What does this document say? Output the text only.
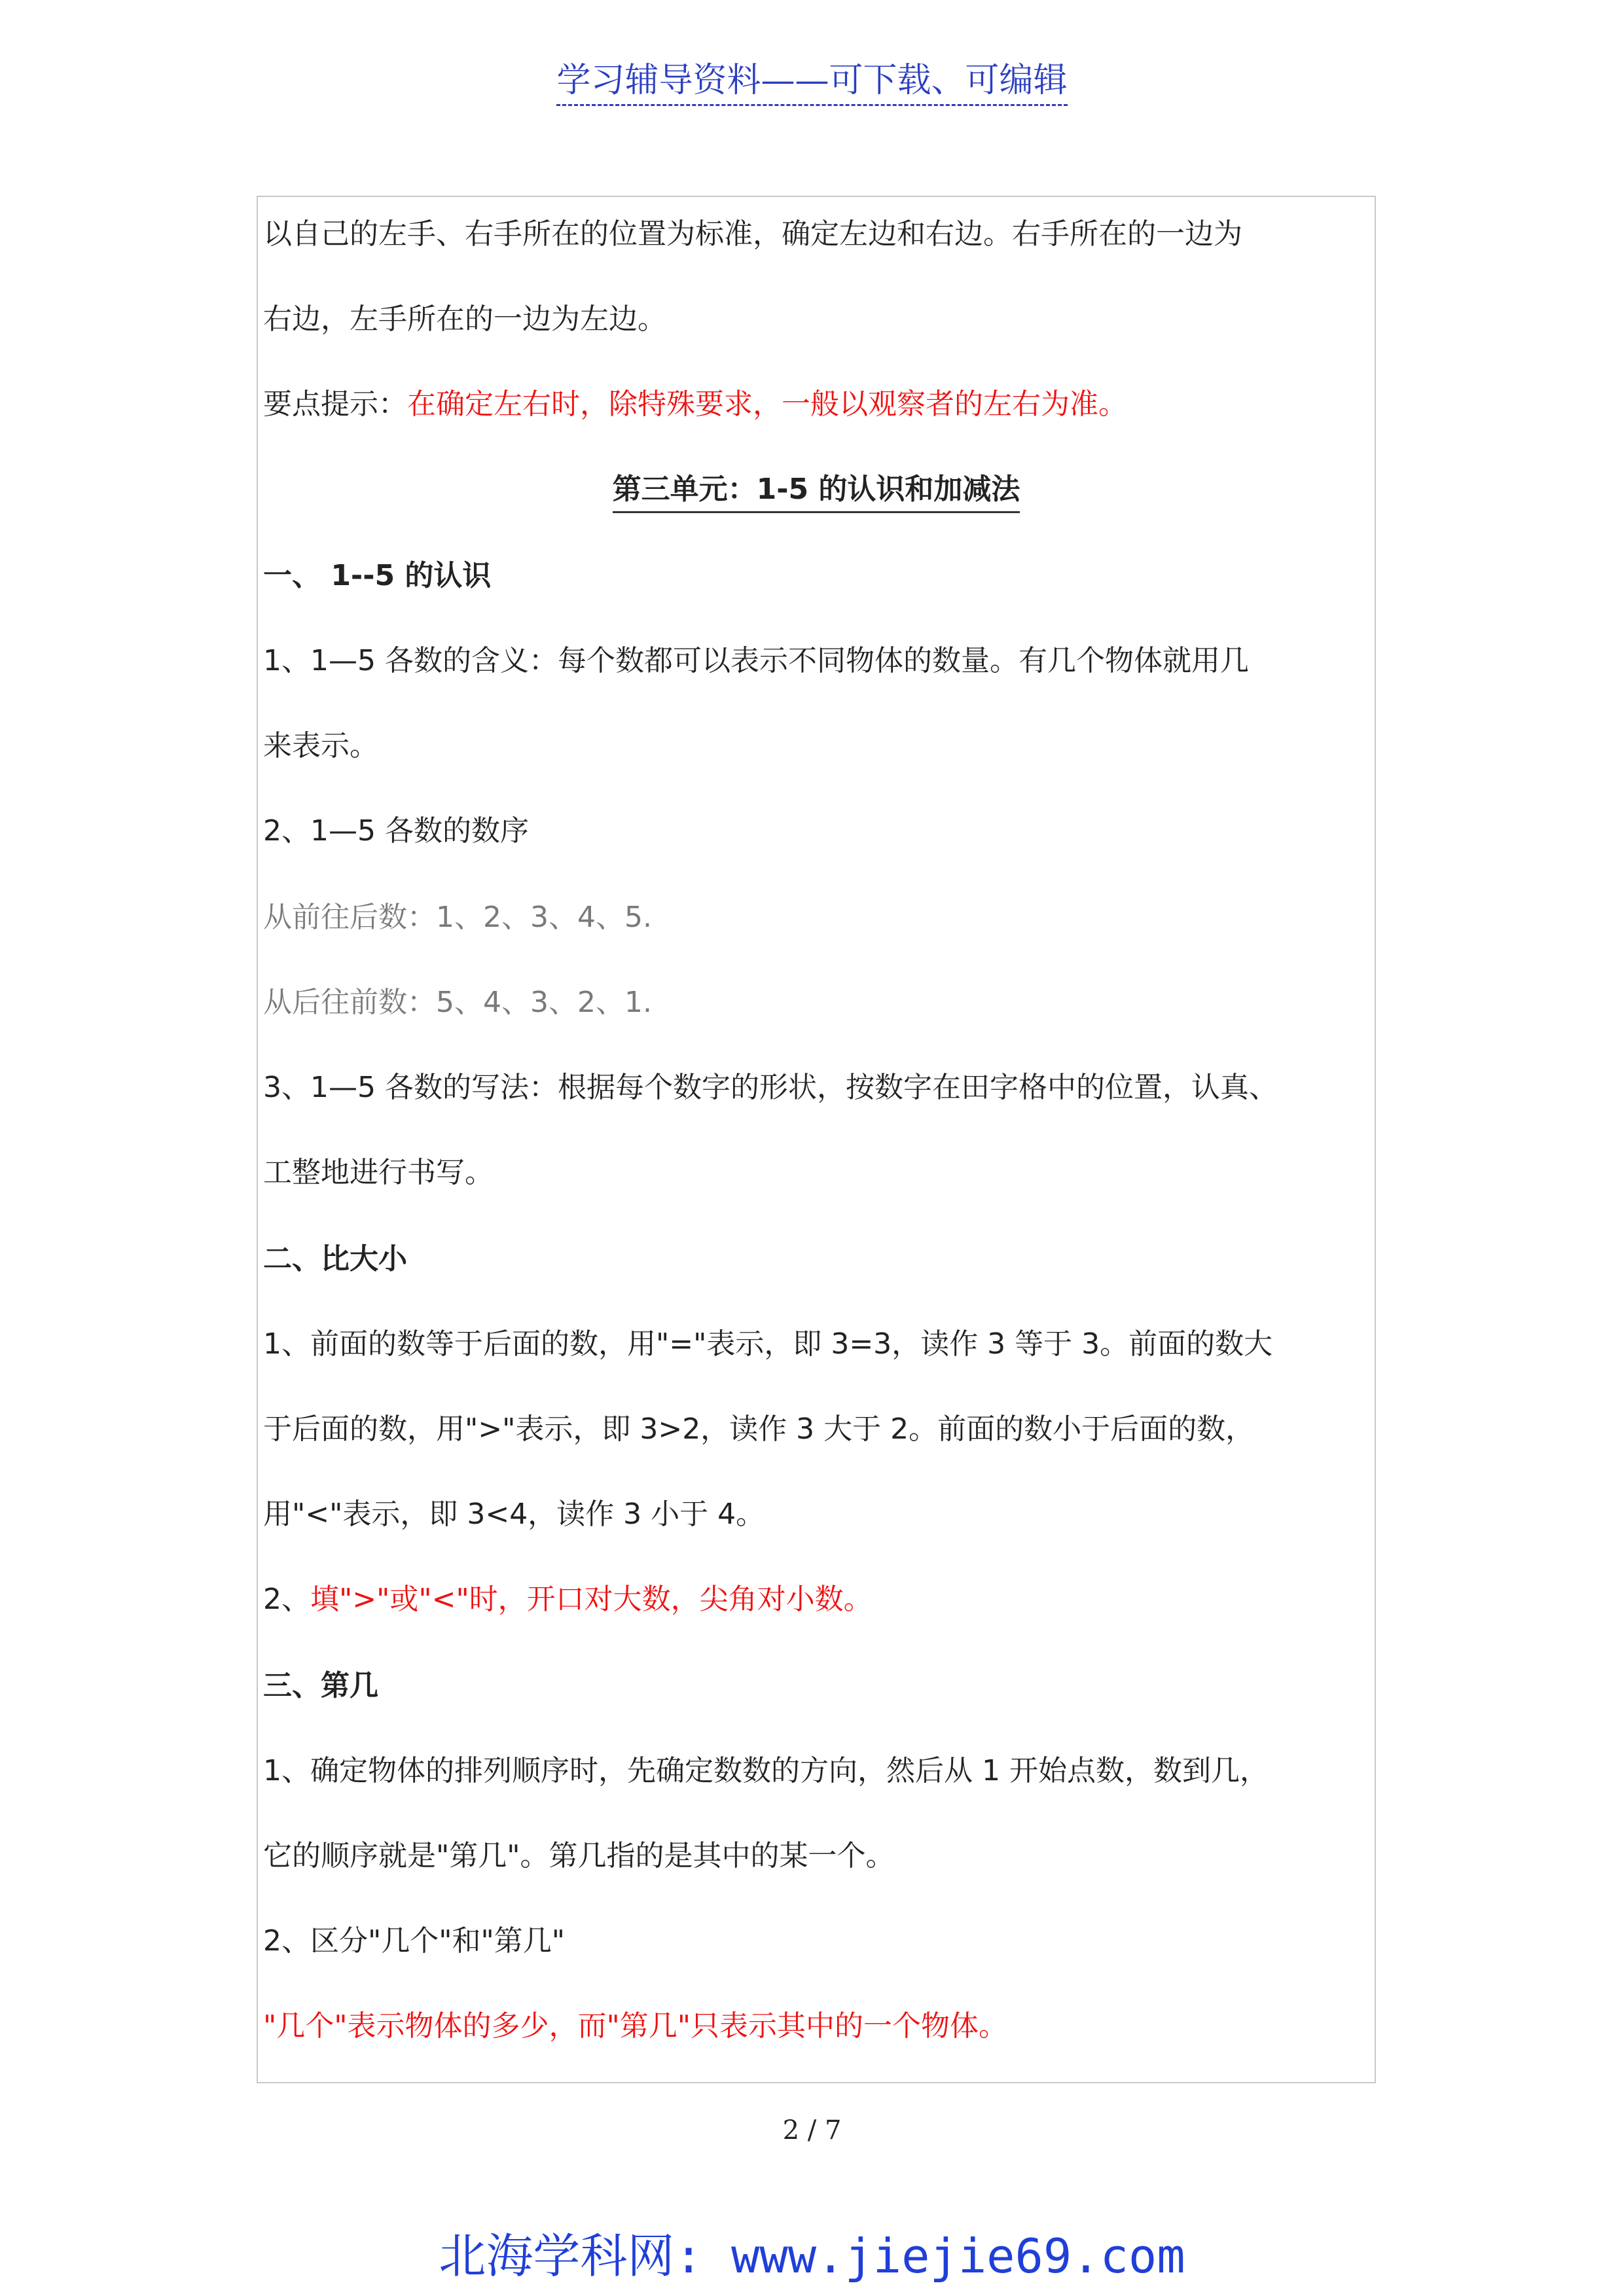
学习辅导资料——可下载、可编辑
以自己的左手、右手所在的位置为标准，确定左边和右边。右手所在的一边为
右边，左手所在的一边为左边。
要点提示：在确定左右时，除特殊要求，一般以观察者的左右为准。
第三单元：1-5 的认识和加减法
一、 1--5 的认识
1、1—5 各数的含义：每个数都可以表示不同物体的数量。有几个物体就用几
来表示。
2、1—5 各数的数序
从前往后数：1、2、3、4、5.
从后往前数：5、4、3、2、1.
3、1—5 各数的写法：根据每个数字的形状，按数字在田字格中的位置，认真、
工整地进行书写。
二、比大小
1、前面的数等于后面的数，用"="表示，即 3=3，读作 3 等于 3。前面的数大
于后面的数，用">"表示，即 3>2，读作 3 大于 2。前面的数小于后面的数，
用"<"表示，即 3<4，读作 3 小于 4。
2、填">"或"<"时，开口对大数，尖角对小数。
三、第几
1、确定物体的排列顺序时，先确定数数的方向，然后从 1 开始点数，数到几，
它的顺序就是"第几"。第几指的是其中的某一个。
2、区分"几个"和"第几"
"几个"表示物体的多少，而"第几"只表示其中的一个物体。
2 / 7
北海学科网: www.jiejie69.com
